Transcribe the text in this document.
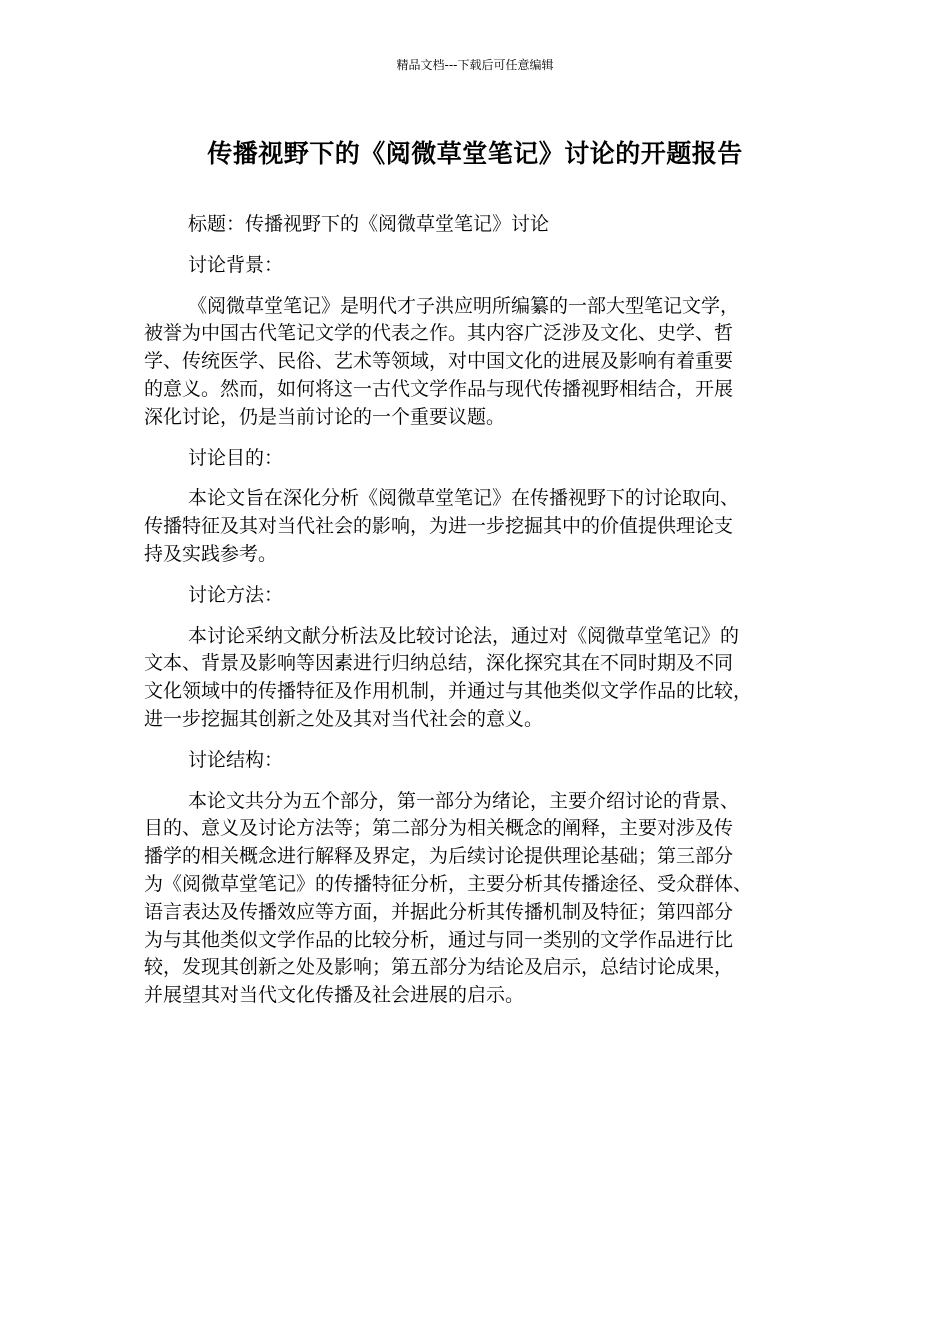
精品文档---下载后可任意编辑
传播视野下的《阅微草堂笔记》讨论的开题报告
标题：传播视野下的《阅微草堂笔记》讨论
讨论背景：
《阅微草堂笔记》是明代才子洪应明所编纂的一部大型笔记文学，
被誉为中国古代笔记文学的代表之作。其内容广泛涉及文化、史学、哲
学、传统医学、民俗、艺术等领域，对中国文化的进展及影响有着重要
的意义。然而，如何将这一古代文学作品与现代传播视野相结合，开展
深化讨论，仍是当前讨论的一个重要议题。
讨论目的：
本论文旨在深化分析《阅微草堂笔记》在传播视野下的讨论取向、
传播特征及其对当代社会的影响，为进一步挖掘其中的价值提供理论支
持及实践参考。
讨论方法：
本讨论采纳文献分析法及比较讨论法，通过对《阅微草堂笔记》的
文本、背景及影响等因素进行归纳总结，深化探究其在不同时期及不同
文化领域中的传播特征及作用机制，并通过与其他类似文学作品的比较，
进一步挖掘其创新之处及其对当代社会的意义。
讨论结构：
本论文共分为五个部分，第一部分为绪论，主要介绍讨论的背景、
目的、意义及讨论方法等；第二部分为相关概念的阐释，主要对涉及传
播学的相关概念进行解释及界定，为后续讨论提供理论基础；第三部分
为《阅微草堂笔记》的传播特征分析，主要分析其传播途径、受众群体、
语言表达及传播效应等方面，并据此分析其传播机制及特征；第四部分
为与其他类似文学作品的比较分析，通过与同一类别的文学作品进行比
较，发现其创新之处及影响；第五部分为结论及启示，总结讨论成果，
并展望其对当代文化传播及社会进展的启示。
